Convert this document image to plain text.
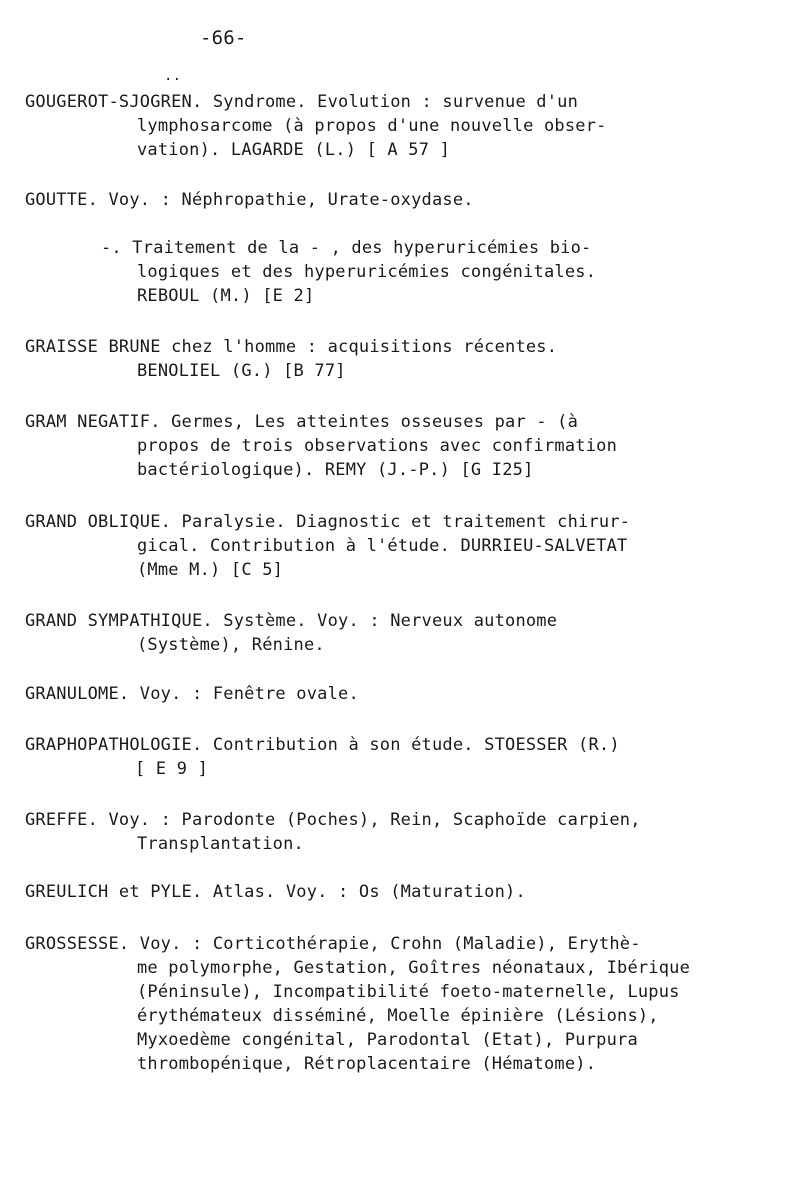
-66-
··
GOUGEROT-SJOGREN. Syndrome. Evolution : survenue d'un
lymphosarcome (à propos d'une nouvelle obser-
vation). LAGARDE (L.) [ A 57 ]
GOUTTE. Voy. : Néphropathie, Urate-oxydase.
-. Traitement de la - , des hyperuricémies bio-
logiques et des hyperuricémies congénitales.
REBOUL (M.) [E 2]
GRAISSE BRUNE chez l'homme : acquisitions récentes.
BENOLIEL (G.) [B 77]
GRAM NEGATIF. Germes, Les atteintes osseuses par - (à
propos de trois observations avec confirmation
bactériologique). REMY (J.-P.) [G I25]
GRAND OBLIQUE. Paralysie. Diagnostic et traitement chirur-
gical. Contribution à l'étude. DURRIEU-SALVETAT
(Mme M.) [C 5]
GRAND SYMPATHIQUE. Système. Voy. : Nerveux autonome
(Système), Rénine.
GRANULOME. Voy. : Fenêtre ovale.
GRAPHOPATHOLOGIE. Contribution à son étude. STOESSER (R.)
[ E 9 ]
GREFFE. Voy. : Parodonte (Poches), Rein, Scaphoïde carpien,
Transplantation.
GREULICH et PYLE. Atlas. Voy. : Os (Maturation).
GROSSESSE. Voy. : Corticothérapie, Crohn (Maladie), Erythè-
me polymorphe, Gestation, Goîtres néonataux, Ibérique
(Péninsule), Incompatibilité foeto-maternelle, Lupus
érythémateux disséminé, Moelle épinière (Lésions),
Myxoedème congénital, Parodontal (Etat), Purpura
thrombopénique, Rétroplacentaire (Hématome).
